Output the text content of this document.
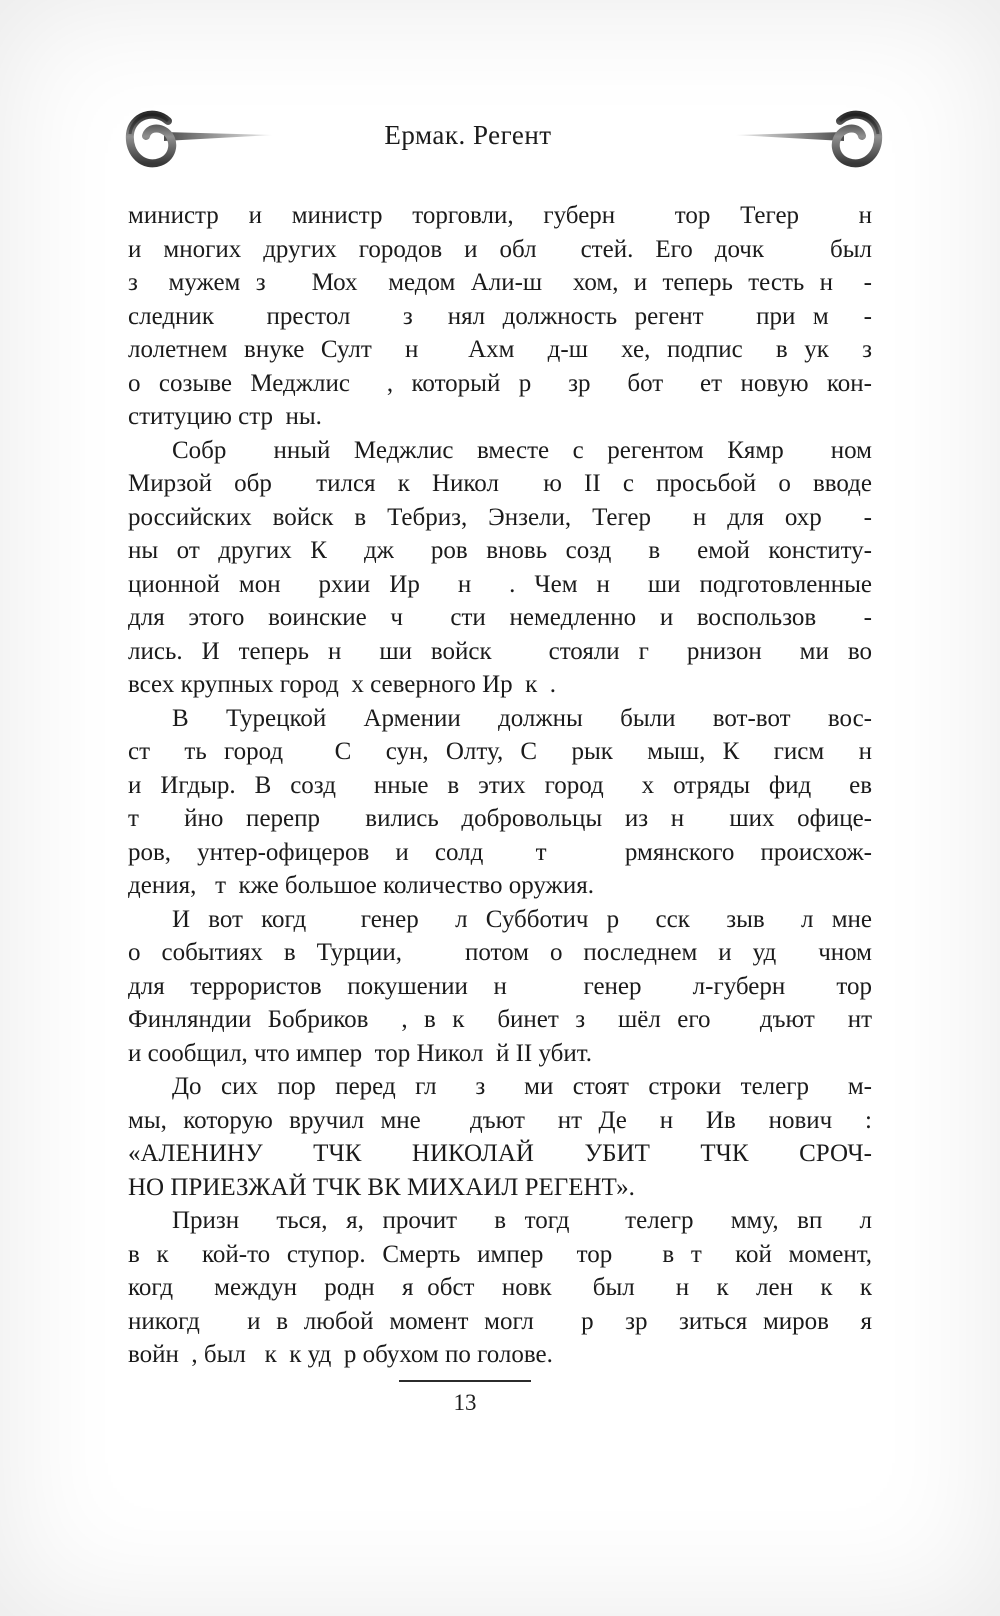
Ермак. Регент
министр и министр торговли, губерн  тор Тегер  н
и многих других городов и обл  стей. Его дочк   был
з  мужем з   Мох  медом Али-ш  хом, и теперь тесть н  -
следник   престол   з  нял должность регент   при м  -
лолетнем внуке Султ  н   Ахм  д-ш  хе, подпис  в ук  з
о созыве Меджлис  , который р  зр  бот  ет новую кон-
ституцию стр  ны.
Собр  нный Меджлис вместе с регентом Кямр  ном
Мирзой обр  тился к Никол  ю II с просьбой о вводе
российских войск в Тебриз, Энзели, Тегер  н для охр  -
ны от других К  дж  ров вновь созд  в  емой конститу-
ционной мон  рхии Ир  н  . Чем н  ши подготовленные
для этого воинские ч  сти немедленно и воспользов  -
лись. И теперь н  ши войск   стояли г  рнизон  ми во
всех крупных город  х северного Ир  к  .
В Турецкой Армении должны были вот-вот вос-
ст  ть город   С  сун, Олту, С  рык  мыш, К  гисм  н
и Игдыр. В созд  нные в этих город  х отряды фид  ев
т  йно перепр  вились добровольцы из н  ших офице-
ров, унтер-офицеров и солд  т   рмянского происхож-
дения,   т  кже большое количество оружия.
И вот когд   генер  л Субботич р  сск  зыв  л мне
о событиях в Турции,   потом о последнем и уд  чном
для террористов покушении н   генер  л-губерн  тор
Финляндии Бобриков  , в к  бинет з  шёл его   дъют  нт
и сообщил, что импер  тор Никол  й II убит.
До сих пор перед гл  з  ми стоят строки телегр  м-
мы, которую вручил мне   дъют  нт Де  н  Ив  нович  :
«АЛЕНИНУ ТЧК НИКОЛАЙ УБИТ ТЧК СРОЧ-
НО ПРИЕЗЖАЙ ТЧК ВК МИХАИЛ РЕГЕНТ».
Призн  ться, я, прочит  в тогд   телегр  мму, вп  л
в к  кой-то ступор. Смерть импер  тор   в т  кой момент,
когд   междун  родн  я обст  новк   был   н  к  лен  к  к
никогд   и в любой момент могл   р  зр  зиться миров  я
войн  , был   к  к уд  р обухом по голове.
13
